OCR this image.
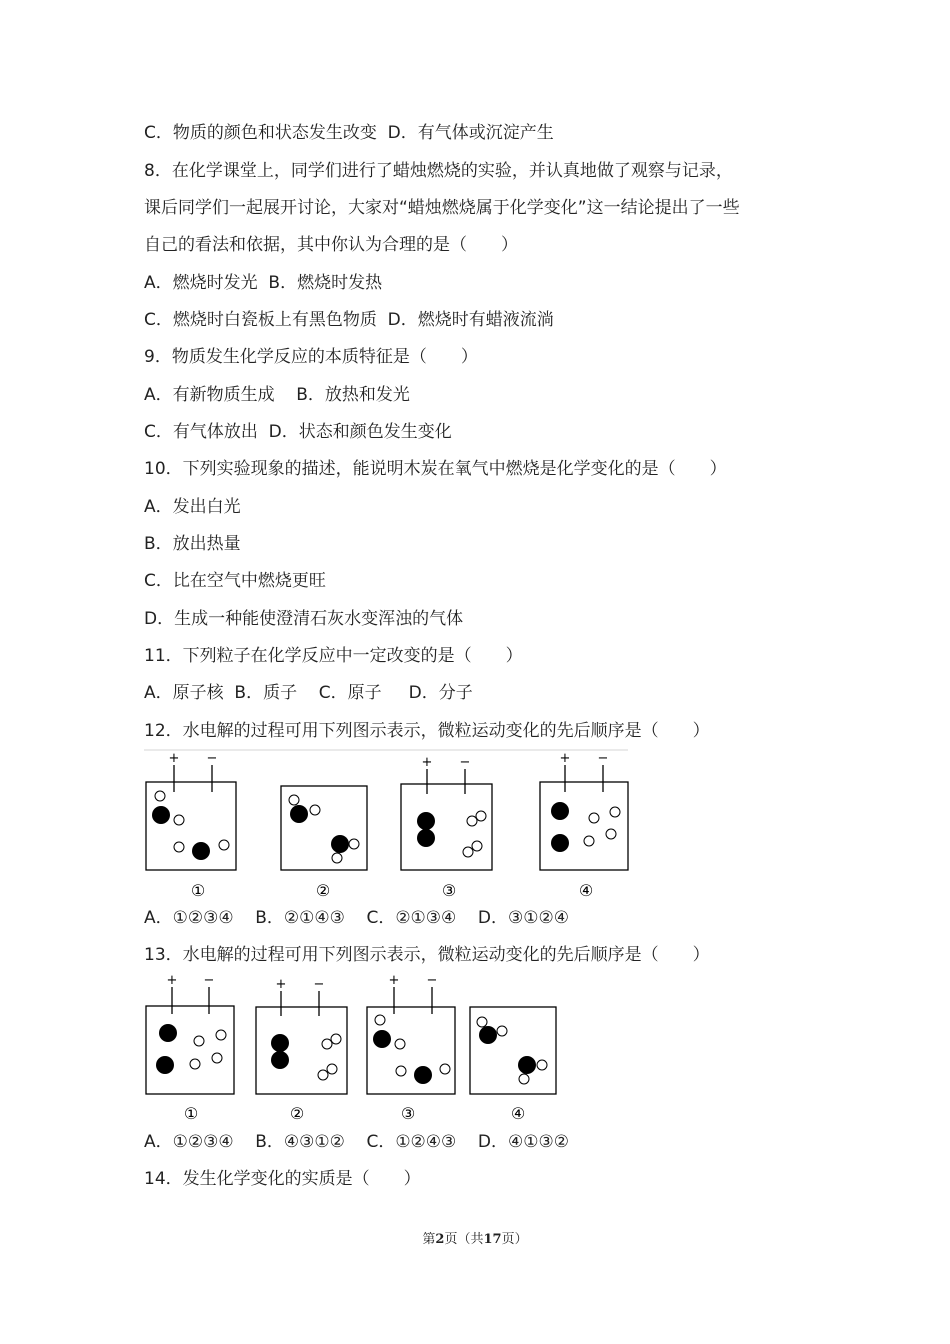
C．物质的颜色和状态发生改变  D．有气体或沉淀产生
8．在化学课堂上，同学们进行了蜡烛燃烧的实验，并认真地做了观察与记录，
课后同学们一起展开讨论，大家对“蜡烛燃烧属于化学变化”这一结论提出了一些
自己的看法和依据，其中你认为合理的是（　　）
A．燃烧时发光  B．燃烧时发热
C．燃烧时白瓷板上有黑色物质  D．燃烧时有蜡液流淌
9．物质发生化学反应的本质特征是（　　）
A．有新物质生成    B．放热和发光
C．有气体放出  D．状态和颜色发生变化
10．下列实验现象的描述，能说明木炭在氧气中燃烧是化学变化的是（　　）
A．发出白光
B．放出热量
C．比在空气中燃烧更旺
D．生成一种能使澄清石灰水变浑浊的气体
11．下列粒子在化学反应中一定改变的是（　　）
A．原子核  B．质子    C．原子     D．分子
12．水电解的过程可用下列图示表示，微粒运动变化的先后顺序是（　　）
+ −
①	②
+ −
③
+ −
④
A．①②③④    B．②①④③    C．②①③④    D．③①②④
13．水电解的过程可用下列图示表示，微粒运动变化的先后顺序是（　　）
+ −
①
+ −
②
+ −
③	④
A．①②③④    B．④③①②    C．①②④③    D．④①③②
14．发生化学变化的实质是（　　）
第2页（共17页）
